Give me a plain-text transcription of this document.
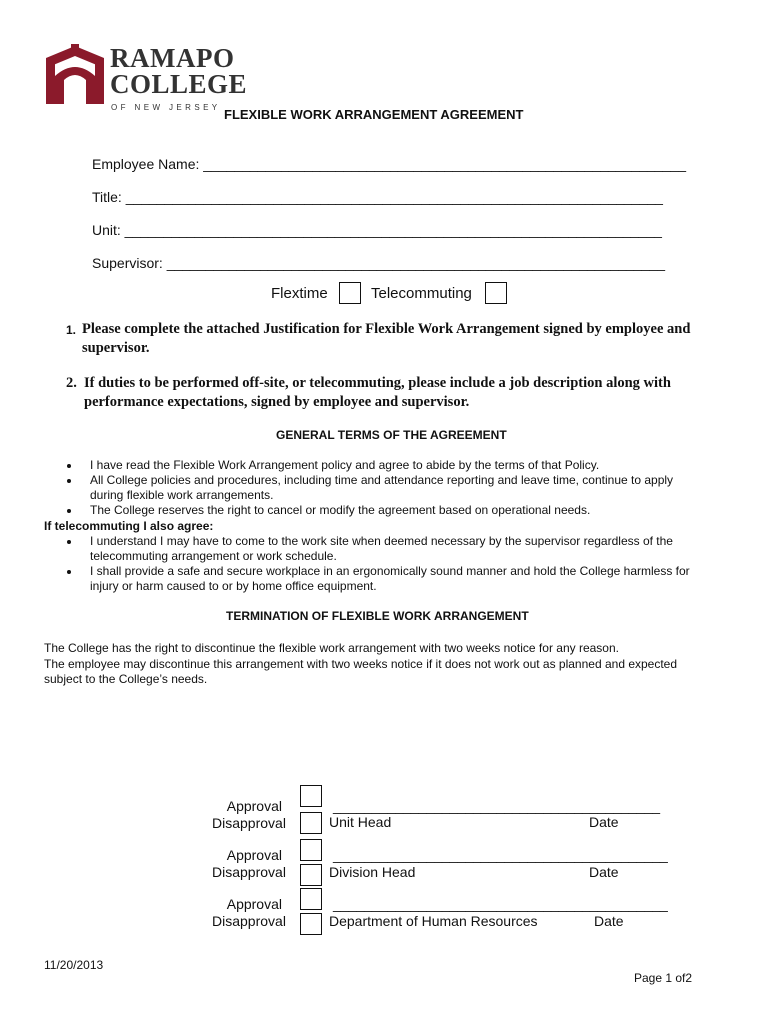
RAMAPO
COLLEGE
OF NEW JERSEY FLEXIBLE WORK ARRANGEMENT AGREEMENT
Employee Name: ______________________________________________________________
Title: _____________________________________________________________________
Unit: _____________________________________________________________________
Supervisor: ________________________________________________________________
Flextime	Telecommuting
1. Please complete the attached Justification for Flexible Work Arrangement signed by employee and
supervisor.
2. If duties to be performed off-site, or telecommuting, please include a job description along with
performance expectations, signed by employee and supervisor.
GENERAL TERMS OF THE AGREEMENT
I have read the Flexible Work Arrangement policy and agree to abide by the terms of that Policy.
All College policies and procedures, including time and attendance reporting and leave time, continue to apply
during flexible work arrangements.
The College reserves the right to cancel or modify the agreement based on operational needs.
If telecommuting I also agree:
I understand I may have to come to the work site when deemed necessary by the supervisor regardless of the
telecommuting arrangement or work schedule.
I shall provide a safe and secure workplace in an ergonomically sound manner and hold the College harmless for
injury or harm caused to or by home office equipment.
TERMINATION OF FLEXIBLE WORK ARRANGEMENT
The College has the right to discontinue the flexible work arrangement with two weeks notice for any reason.
The employee may discontinue this arrangement with two weeks notice if it does not work out as planned and expected
subject to the College’s needs.
Approval
Disapproval
__________________________________________
Unit Head	Date
Approval
Disapproval
___________________________________________
Division Head	Date
Approval
Disapproval
___________________________________________
Department of Human Resources	Date
11/20/2013
Page 1 of2
